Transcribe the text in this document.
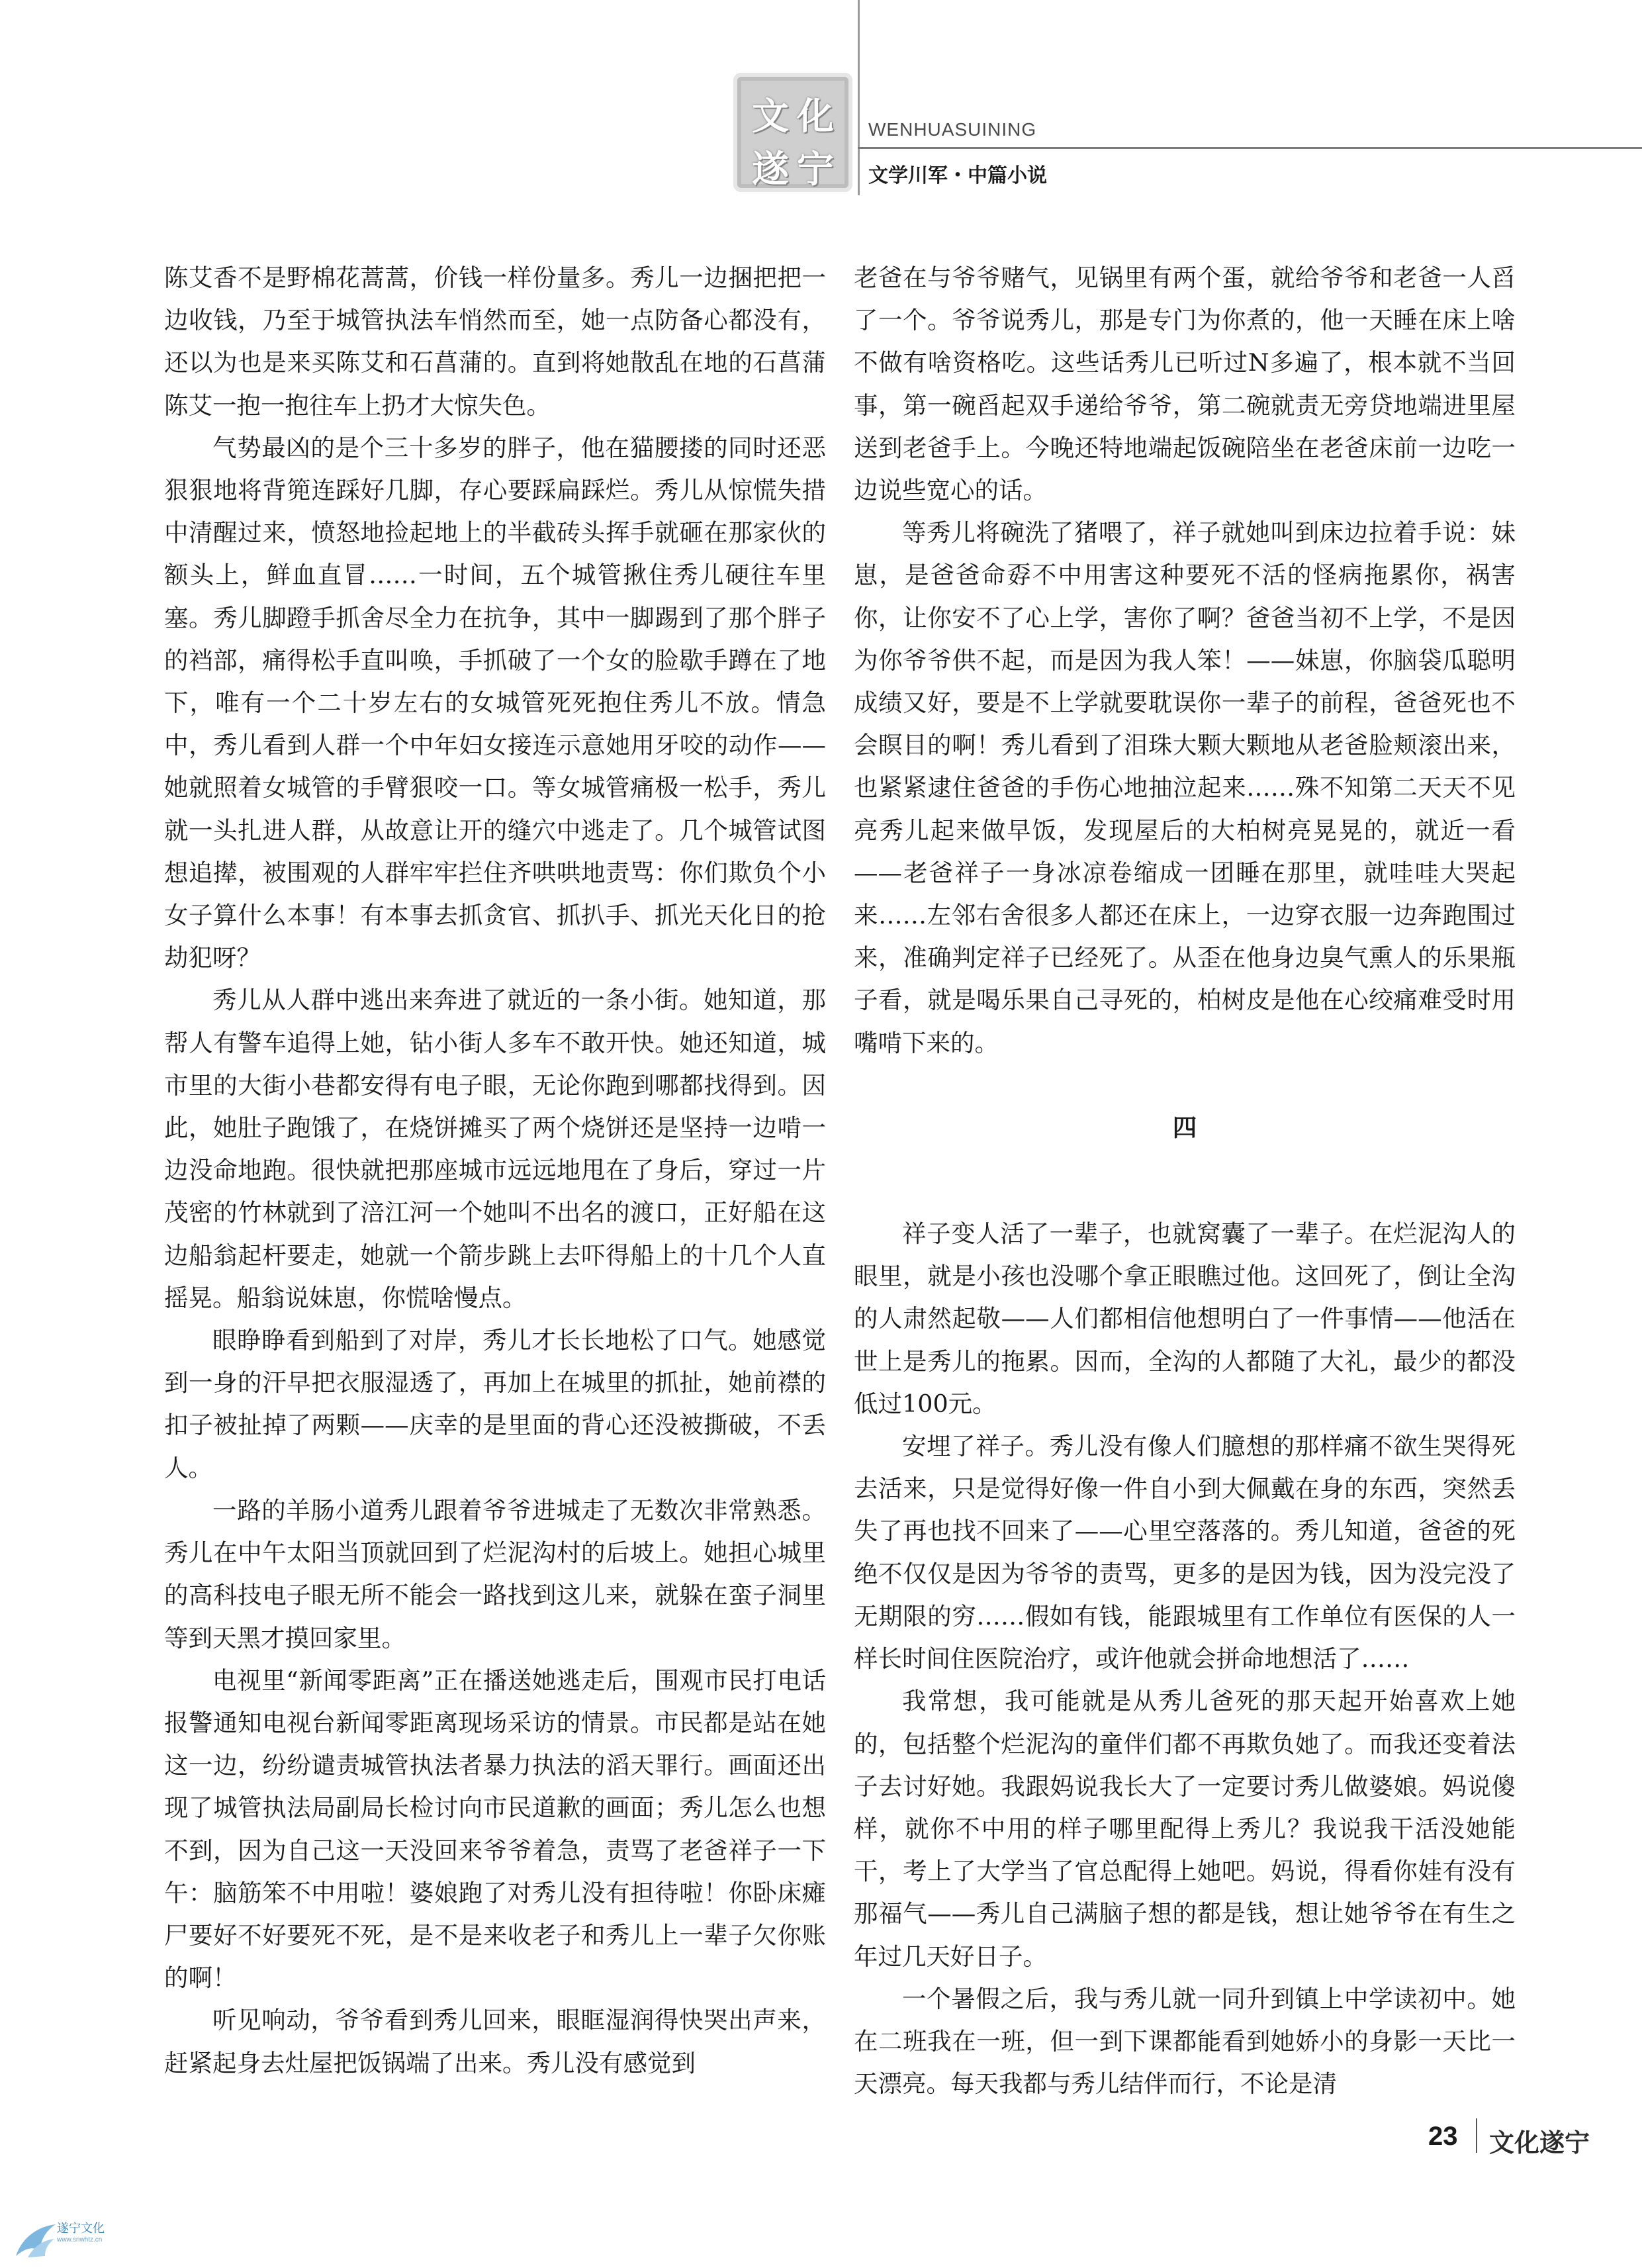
文 化
遂 宁
WENHUASUINING
文学川军・中篇小说

陈艾香不是野棉花蒿蒿，价钱一样份量多。秀儿一边捆把把一边收钱，乃至于城管执法车悄然而至，她一点防备心都没有，还以为也是来买陈艾和石菖蒲的。直到将她散乱在地的石菖蒲陈艾一抱一抱往车上扔才大惊失色。

气势最凶的是个三十多岁的胖子，他在猫腰搂的同时还恶狠狠地将背篼连踩好几脚，存心要踩扁踩烂。秀儿从惊慌失措中清醒过来，愤怒地捡起地上的半截砖头挥手就砸在那家伙的额头上，鲜血直冒……一时间，五个城管揪住秀儿硬往车里塞。秀儿脚蹬手抓舍尽全力在抗争，其中一脚踢到了那个胖子的裆部，痛得松手直叫唤，手抓破了一个女的脸歇手蹲在了地下，唯有一个二十岁左右的女城管死死抱住秀儿不放。情急中，秀儿看到人群一个中年妇女接连示意她用牙咬的动作——她就照着女城管的手臂狠咬一口。等女城管痛极一松手，秀儿就一头扎进人群，从故意让开的缝穴中逃走了。几个城管试图想追撵，被围观的人群牢牢拦住齐哄哄地责骂：你们欺负个小女子算什么本事！有本事去抓贪官、抓扒手、抓光天化日的抢劫犯呀？

秀儿从人群中逃出来奔进了就近的一条小街。她知道，那帮人有警车追得上她，钻小街人多车不敢开快。她还知道，城市里的大街小巷都安得有电子眼，无论你跑到哪都找得到。因此，她肚子跑饿了，在烧饼摊买了两个烧饼还是坚持一边啃一边没命地跑。很快就把那座城市远远地甩在了身后，穿过一片茂密的竹林就到了涪江河一个她叫不出名的渡口，正好船在这边船翁起杆要走，她就一个箭步跳上去吓得船上的十几个人直摇晃。船翁说妹崽，你慌啥慢点。

眼睁睁看到船到了对岸，秀儿才长长地松了口气。她感觉到一身的汗早把衣服湿透了，再加上在城里的抓扯，她前襟的扣子被扯掉了两颗——庆幸的是里面的背心还没被撕破，不丢人。

一路的羊肠小道秀儿跟着爷爷进城走了无数次非常熟悉。秀儿在中午太阳当顶就回到了烂泥沟村的后坡上。她担心城里的高科技电子眼无所不能会一路找到这儿来，就躲在蛮子洞里等到天黑才摸回家里。

电视里“新闻零距离”正在播送她逃走后，围观市民打电话报警通知电视台新闻零距离现场采访的情景。市民都是站在她这一边，纷纷谴责城管执法者暴力执法的滔天罪行。画面还出现了城管执法局副局长检讨向市民道歉的画面；秀儿怎么也想不到，因为自己这一天没回来爷爷着急，责骂了老爸祥子一下午：脑筋笨不中用啦！婆娘跑了对秀儿没有担待啦！你卧床瘫尸要好不好要死不死，是不是来收老子和秀儿上一辈子欠你账的啊！

听见响动，爷爷看到秀儿回来，眼眶湿润得快哭出声来，赶紧起身去灶屋把饭锅端了出来。秀儿没有感觉到

老爸在与爷爷赌气，见锅里有两个蛋，就给爷爷和老爸一人舀了一个。爷爷说秀儿，那是专门为你煮的，他一天睡在床上啥不做有啥资格吃。这些话秀儿已听过N多遍了，根本就不当回事，第一碗舀起双手递给爷爷，第二碗就责无旁贷地端进里屋送到老爸手上。今晚还特地端起饭碗陪坐在老爸床前一边吃一边说些宽心的话。

等秀儿将碗洗了猪喂了，祥子就她叫到床边拉着手说：妹崽，是爸爸命孬不中用害这种要死不活的怪病拖累你，祸害你，让你安不了心上学，害你了啊？爸爸当初不上学，不是因为你爷爷供不起，而是因为我人笨！——妹崽，你脑袋瓜聪明成绩又好，要是不上学就要耽误你一辈子的前程，爸爸死也不会瞑目的啊！秀儿看到了泪珠大颗大颗地从老爸脸颊滚出来，也紧紧逮住爸爸的手伤心地抽泣起来……殊不知第二天天不见亮秀儿起来做早饭，发现屋后的大柏树亮晃晃的，就近一看——老爸祥子一身冰凉卷缩成一团睡在那里，就哇哇大哭起来……左邻右舍很多人都还在床上，一边穿衣服一边奔跑围过来，准确判定祥子已经死了。从歪在他身边臭气熏人的乐果瓶子看，就是喝乐果自己寻死的，柏树皮是他在心绞痛难受时用嘴啃下来的。

四

祥子变人活了一辈子，也就窝囊了一辈子。在烂泥沟人的眼里，就是小孩也没哪个拿正眼瞧过他。这回死了，倒让全沟的人肃然起敬——人们都相信他想明白了一件事情——他活在世上是秀儿的拖累。因而，全沟的人都随了大礼，最少的都没低过100元。

安埋了祥子。秀儿没有像人们臆想的那样痛不欲生哭得死去活来，只是觉得好像一件自小到大佩戴在身的东西，突然丢失了再也找不回来了——心里空落落的。秀儿知道，爸爸的死绝不仅仅是因为爷爷的责骂，更多的是因为钱，因为没完没了无期限的穷……假如有钱，能跟城里有工作单位有医保的人一样长时间住医院治疗，或许他就会拼命地想活了……

我常想，我可能就是从秀儿爸死的那天起开始喜欢上她的，包括整个烂泥沟的童伴们都不再欺负她了。而我还变着法子去讨好她。我跟妈说我长大了一定要讨秀儿做婆娘。妈说傻样，就你不中用的样子哪里配得上秀儿？我说我干活没她能干，考上了大学当了官总配得上她吧。妈说，得看你娃有没有那福气——秀儿自己满脑子想的都是钱，想让她爷爷在有生之年过几天好日子。

一个暑假之后，我与秀儿就一同升到镇上中学读初中。她在二班我在一班，但一到下课都能看到她娇小的身影一天比一天漂亮。每天我都与秀儿结伴而行，不论是清

23 文化遂宁
遂宁文化
www.snwhtz.cn
